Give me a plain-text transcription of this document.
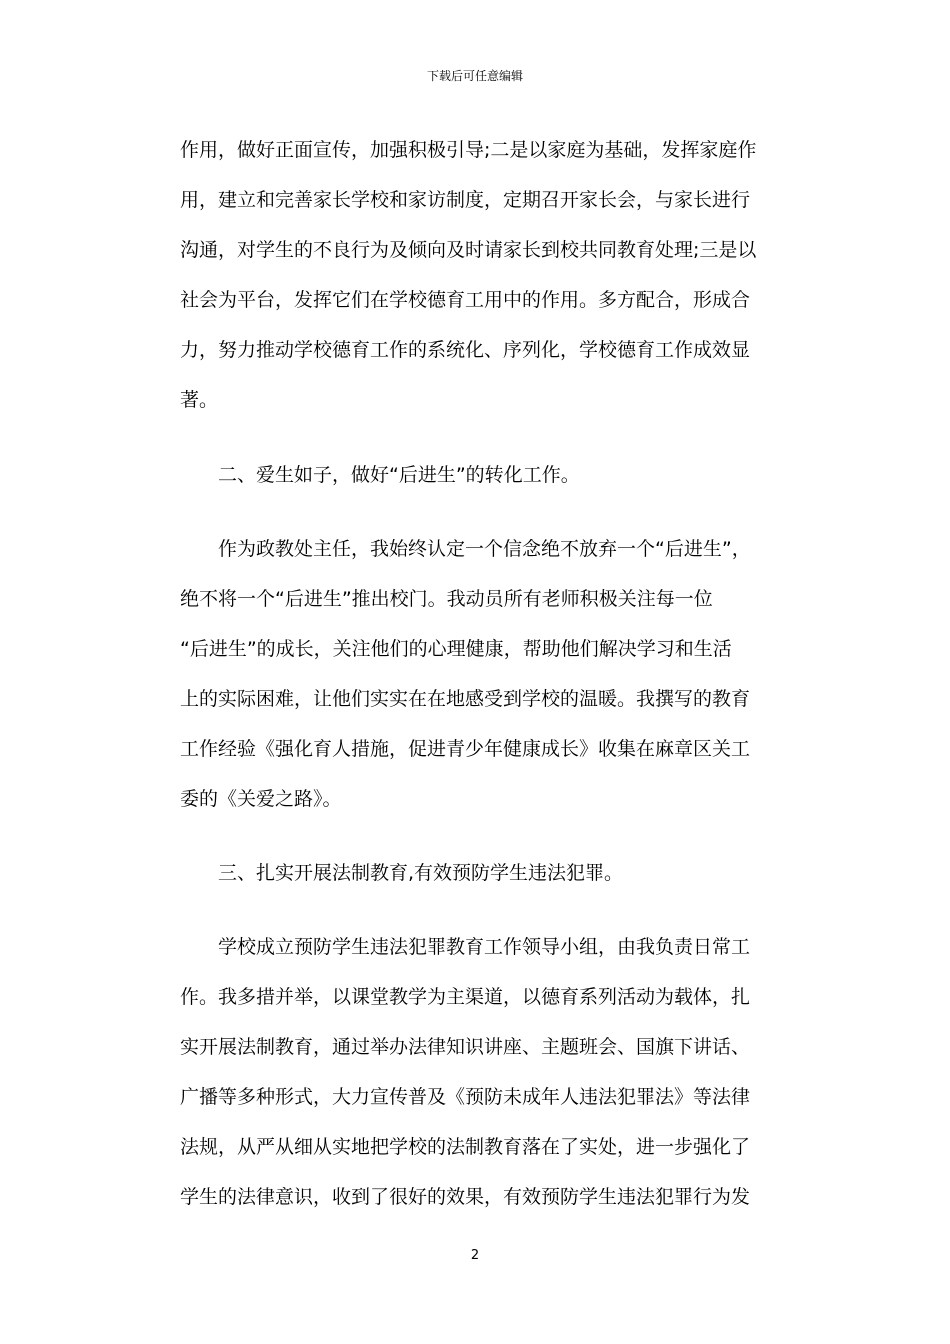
下载后可任意编辑
作用，做好正面宣传，加强积极引导;二是以家庭为基础，发挥家庭作
用，建立和完善家长学校和家访制度，定期召开家长会，与家长进行
沟通，对学生的不良行为及倾向及时请家长到校共同教育处理;三是以
社会为平台，发挥它们在学校德育工用中的作用。多方配合，形成合
力，努力推动学校德育工作的系统化、序列化，学校德育工作成效显
著。
　　二、爱生如子，做好“后进生”的转化工作。
　　作为政教处主任，我始终认定一个信念绝不放弃一个“后进生”，
绝不将一个“后进生”推出校门。我动员所有老师积极关注每一位
“后进生”的成长，关注他们的心理健康，帮助他们解决学习和生活
上的实际困难，让他们实实在在地感受到学校的温暖。我撰写的教育
工作经验《强化育人措施，促进青少年健康成长》收集在麻章区关工
委的《关爱之路》。
　　三、扎实开展法制教育,有效预防学生违法犯罪。
　　学校成立预防学生违法犯罪教育工作领导小组，由我负责日常工
作。我多措并举，以课堂教学为主渠道，以德育系列活动为载体，扎
实开展法制教育，通过举办法律知识讲座、主题班会、国旗下讲话、
广播等多种形式，大力宣传普及《预防未成年人违法犯罪法》等法律
法规，从严从细从实地把学校的法制教育落在了实处，进一步强化了
学生的法律意识，收到了很好的效果，有效预防学生违法犯罪行为发
2
